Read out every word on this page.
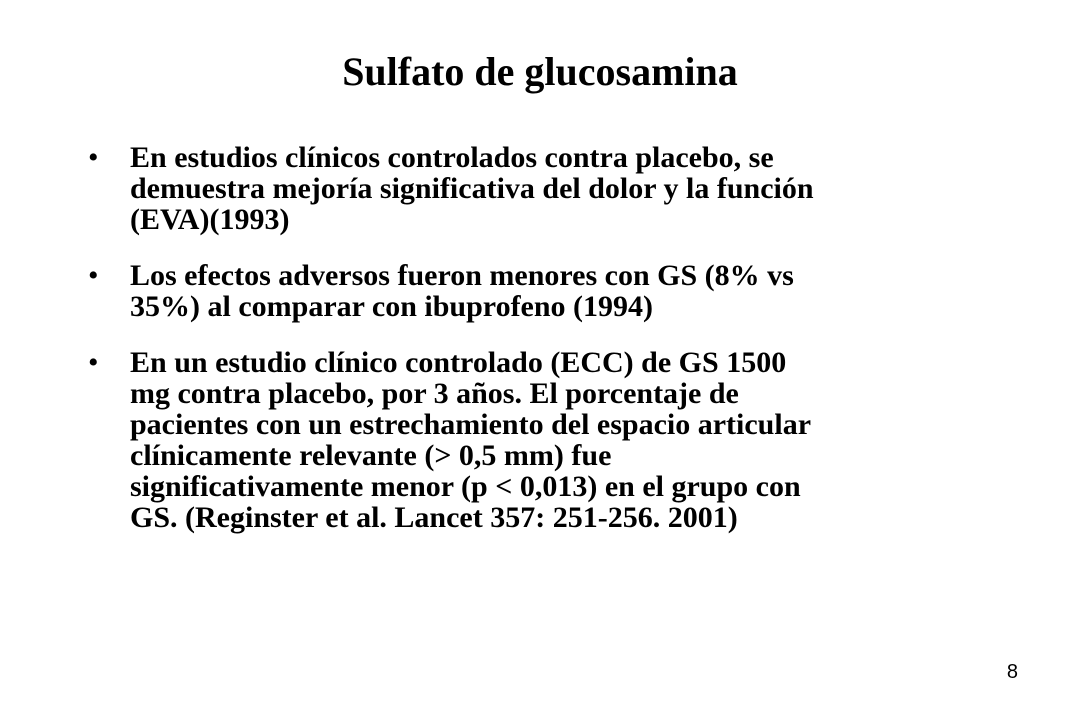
Sulfato de glucosamina
•	En estudios clínicos controlados contra placebo, se
demuestra mejoría significativa del dolor y la función
(EVA)(1993)
•	Los efectos adversos fueron menores con GS (8% vs
35%) al comparar con ibuprofeno (1994)
•	En un estudio clínico controlado (ECC) de GS 1500
mg contra placebo, por 3 años. El porcentaje de
pacientes con un estrechamiento del espacio articular
clínicamente relevante (> 0,5 mm) fue
significativamente menor (p < 0,013) en el grupo con
GS. (Reginster et al. Lancet 357: 251-256. 2001)
8
